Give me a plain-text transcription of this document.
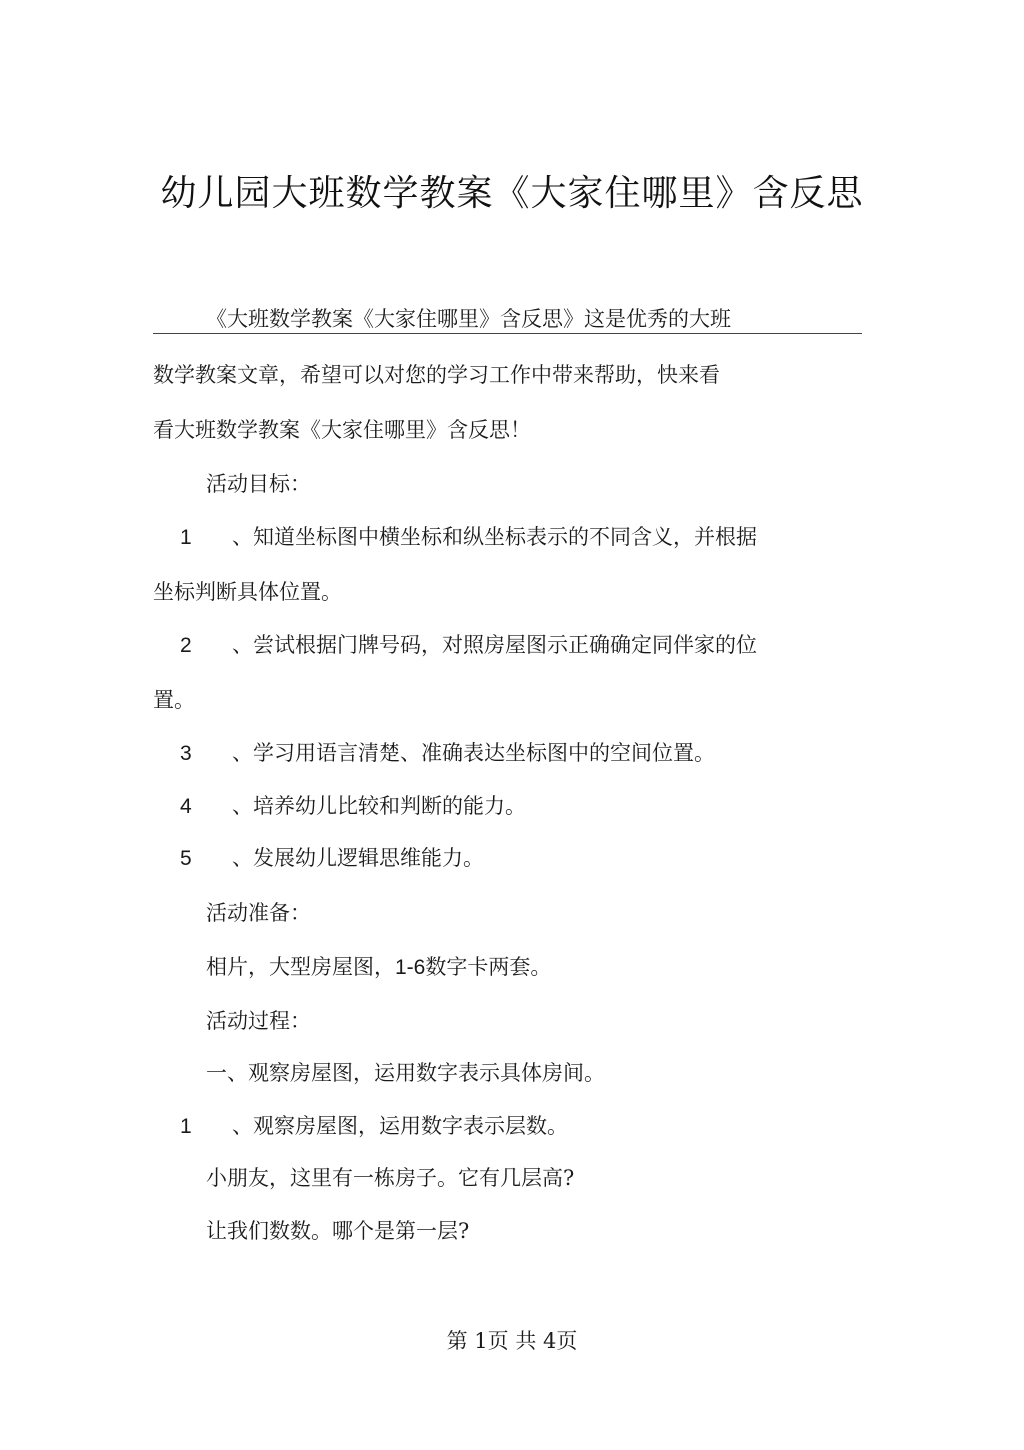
幼儿园大班数学教案《大家住哪里》含反思
《大班数学教案《大家住哪里》含反思》这是优秀的大班
数学教案文章，希望可以对您的学习工作中带来帮助，快来看
看大班数学教案《大家住哪里》含反思！
活动目标：
1 、知道坐标图中横坐标和纵坐标表示的不同含义，并根据
坐标判断具体位置。
2 、尝试根据门牌号码，对照房屋图示正确确定同伴家的位
置。
3 、学习用语言清楚、准确表达坐标图中的空间位置。
4 、培养幼儿比较和判断的能力。
5 、发展幼儿逻辑思维能力。
活动准备：
相片，大型房屋图，1-6数字卡两套。
活动过程：
一、观察房屋图，运用数字表示具体房间。
1 、观察房屋图，运用数字表示层数。
小朋友，这里有一栋房子。它有几层高?
让我们数数。哪个是第一层?
第 1页 共 4页
